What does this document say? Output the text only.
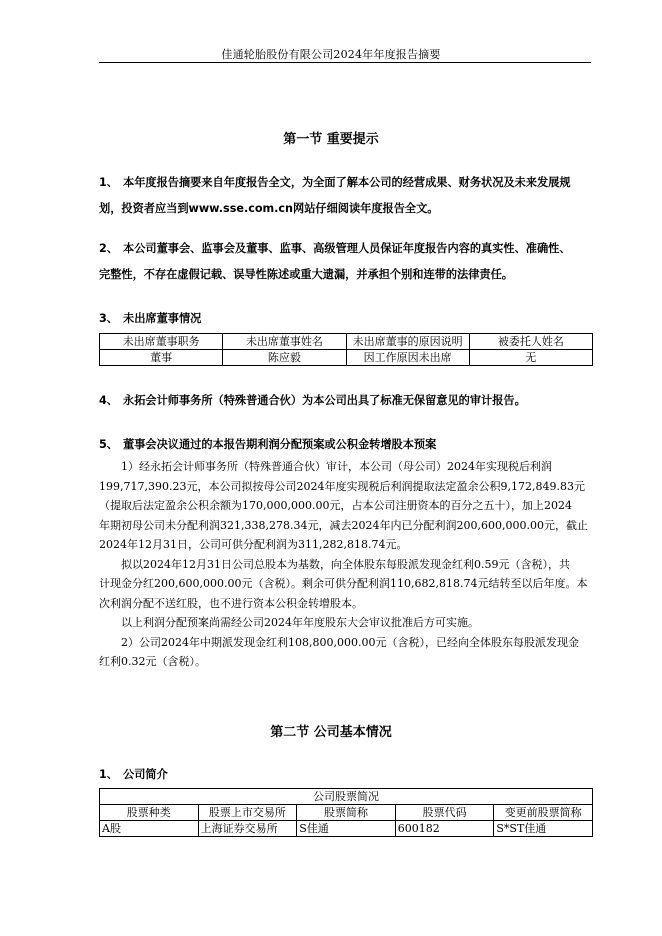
佳通轮胎股份有限公司2024年年度报告摘要
第一节 重要提示
1、 本年度报告摘要来自年度报告全文，为全面了解本公司的经营成果、财务状况及未来发展规
划，投资者应当到www.sse.com.cn网站仔细阅读年度报告全文。
2、 本公司董事会、监事会及董事、监事、高级管理人员保证年度报告内容的真实性、准确性、
完整性，不存在虚假记载、误导性陈述或重大遗漏，并承担个别和连带的法律责任。
3、 未出席董事情况
未出席董事职务	未出席董事姓名	未出席董事的原因说明	被委托人姓名
董事	陈应毅	因工作原因未出席	无
4、 永拓会计师事务所（特殊普通合伙）为本公司出具了标准无保留意见的审计报告。
5、 董事会决议通过的本报告期利润分配预案或公积金转增股本预案

　　1）经永拓会计师事务所（特殊普通合伙）审计，本公司（母公司）2024年实现税后利润

199,717,390.23元，本公司拟按母公司2024年度实现税后利润提取法定盈余公积9,172,849.83元

（提取后法定盈余公积余额为170,000,000.00元，占本公司注册资本的百分之五十），加上2024

年期初母公司未分配利润321,338,278.34元，减去2024年内已分配利润200,600,000.00元，截止

2024年12月31日，公司可供分配利润为311,282,818.74元。

　　拟以2024年12月31日公司总股本为基数，向全体股东每股派发现金红利0.59元（含税），共

计现金分红200,600,000.00元（含税）。剩余可供分配利润110,682,818.74元结转至以后年度。本

次利润分配不送红股，也不进行资本公积金转增股本。

　　以上利润分配预案尚需经公司2024年年度股东大会审议批准后方可实施。

　　2）公司2024年中期派发现金红利108,800,000.00元（含税），已经向全体股东每股派发现金

红利0.32元（含税）。

第二节 公司基本情况
1、 公司简介
公司股票简况				
股票种类	股票上市交易所	股票简称	股票代码	变更前股票简称
A股	上海证券交易所	S佳通	600182	S*ST佳通
